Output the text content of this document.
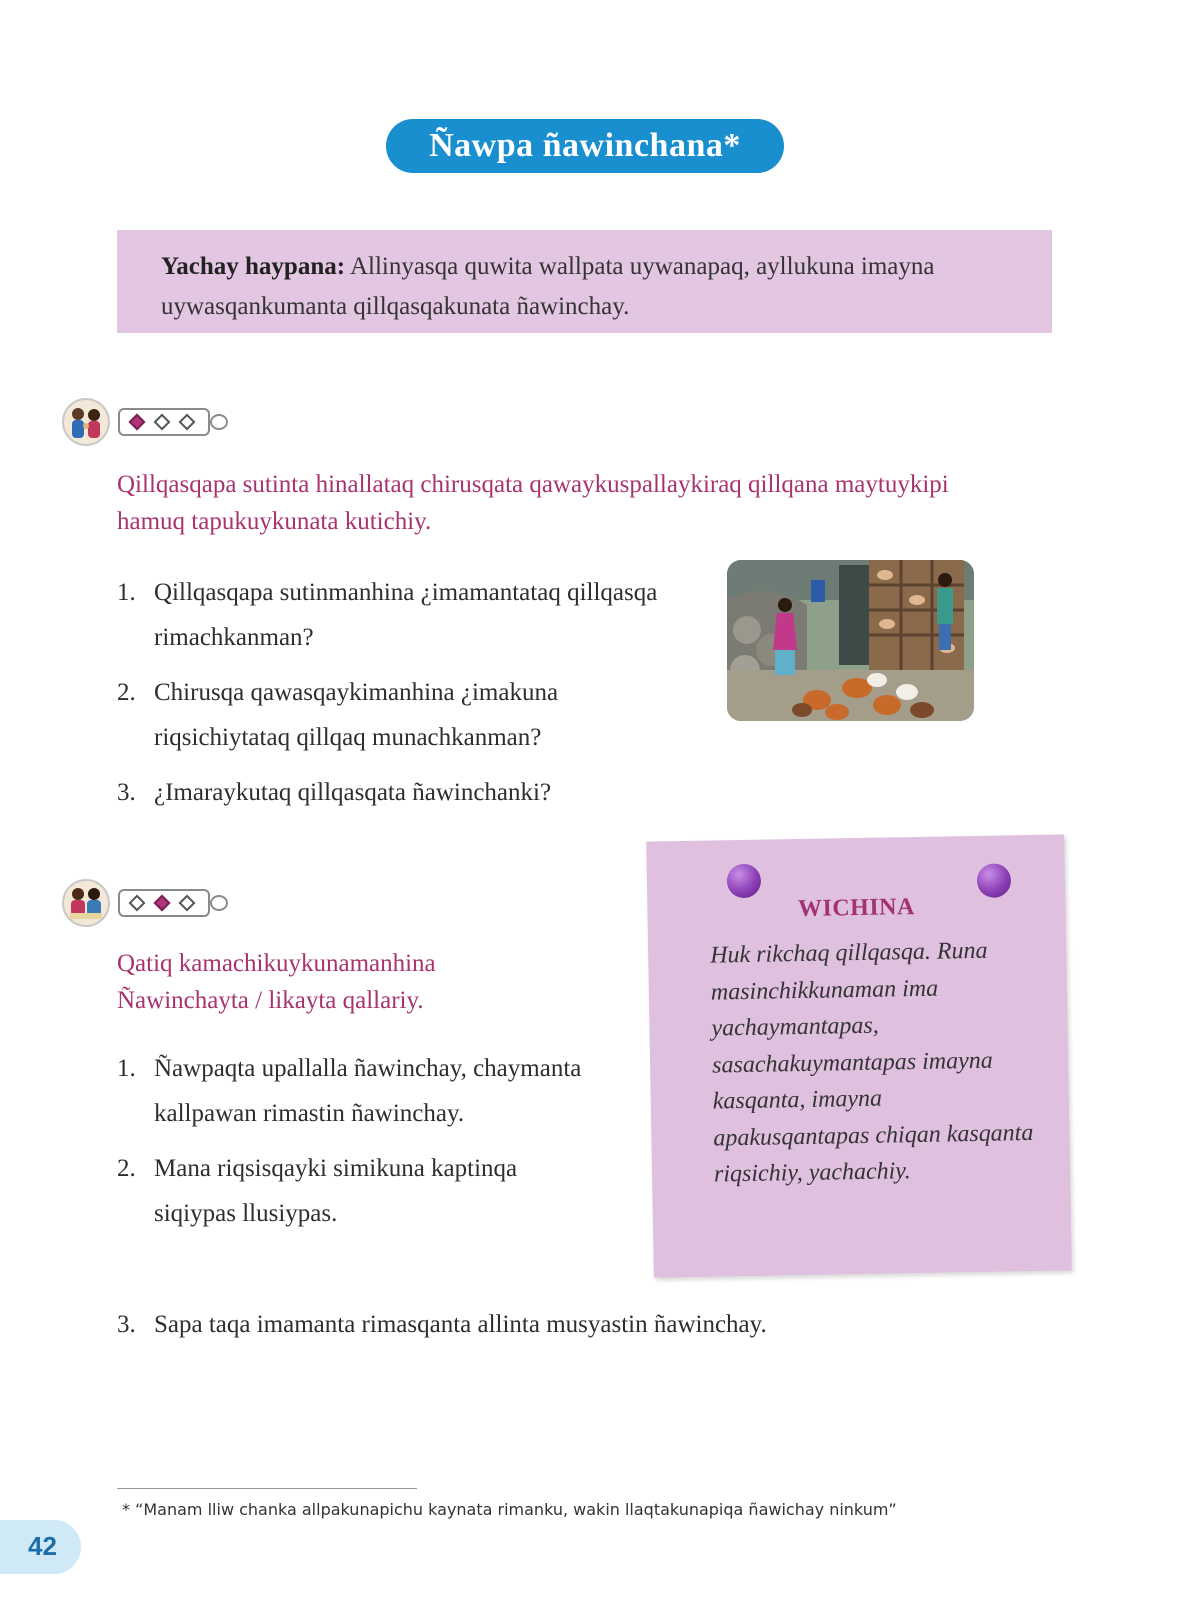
Ñawpa ñawinchana*
Yachay haypana: Allinyasqa quwita wallpata uywanapaq, ayllukuna imayna uywasqankumanta qillqasqakunata ñawinchay.
Qillqasqapa sutinta hinallataq chirusqata qawaykuspallaykiraq qillqana maytuykipi hamuq tapukuykunata kutichiy.
1. Qillqasqapa sutinmanhina ¿imamantataq qillqasqa rimachkanman?
2. Chirusqa qawasqaykimanhina ¿imakuna riqsichiytataq qillqaq munachkanman?
3. ¿Imaraykutaq qillqasqata ñawinchanki?
Qatiq kamachikuykunamanhina Ñawinchayta / likayta qallariy.
1. Ñawpaqta upallalla ñawinchay, chaymanta kallpawan rimastin ñawinchay.
2. Mana riqsisqayki simikuna kaptinqa siqiypas llusiypas.
3. Sapa taqa imamanta rimasqanta allinta musyastin ñawinchay.
WICHINA
Huk rikchaq qillqasqa. Runa masinchikkunaman ima yachaymantapas, sasachakuymantapas imayna kasqanta, imayna apakusqantapas chiqan kasqanta riqsichiy, yachachiy.
* “Manam lliw chanka allpakunapichu kaynata rimanku, wakin llaqtakunapiqa ñawichay ninkum”
42
